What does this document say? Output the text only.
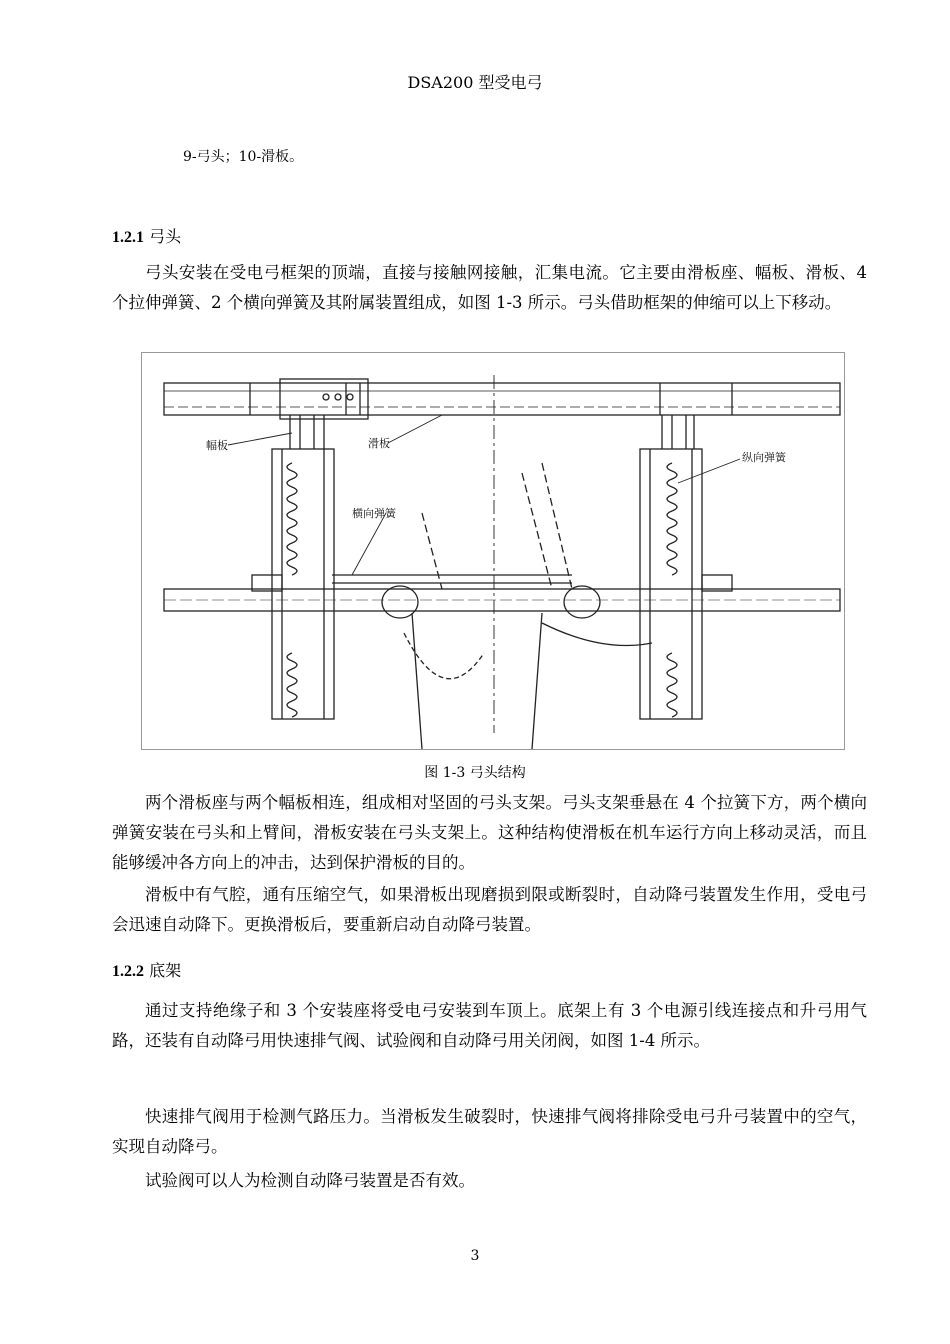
DSA200 型受电弓
9-弓头；10-滑板。
1.2.1 弓头
弓头安装在受电弓框架的顶端，直接与接触网接触，汇集电流。它主要由滑板座、幅板、滑板、4 个拉伸弹簧、2 个横向弹簧及其附属装置组成，如图 1-3 所示。弓头借助框架的伸缩可以上下移动。
幅板	滑板
横向弹簧
纵向弹簧
图 1-3 弓头结构
两个滑板座与两个幅板相连，组成相对坚固的弓头支架。弓头支架垂悬在 4 个拉簧下方，两个横向弹簧安装在弓头和上臂间，滑板安装在弓头支架上。这种结构使滑板在机车运行方向上移动灵活，而且能够缓冲各方向上的冲击，达到保护滑板的目的。
滑板中有气腔，通有压缩空气，如果滑板出现磨损到限或断裂时，自动降弓装置发生作用，受电弓会迅速自动降下。更换滑板后，要重新启动自动降弓装置。
1.2.2 底架
通过支持绝缘子和 3 个安装座将受电弓安装到车顶上。底架上有 3 个电源引线连接点和升弓用气路，还装有自动降弓用快速排气阀、试验阀和自动降弓用关闭阀，如图 1-4 所示。
快速排气阀用于检测气路压力。当滑板发生破裂时，快速排气阀将排除受电弓升弓装置中的空气，实现自动降弓。
试验阀可以人为检测自动降弓装置是否有效。
3
